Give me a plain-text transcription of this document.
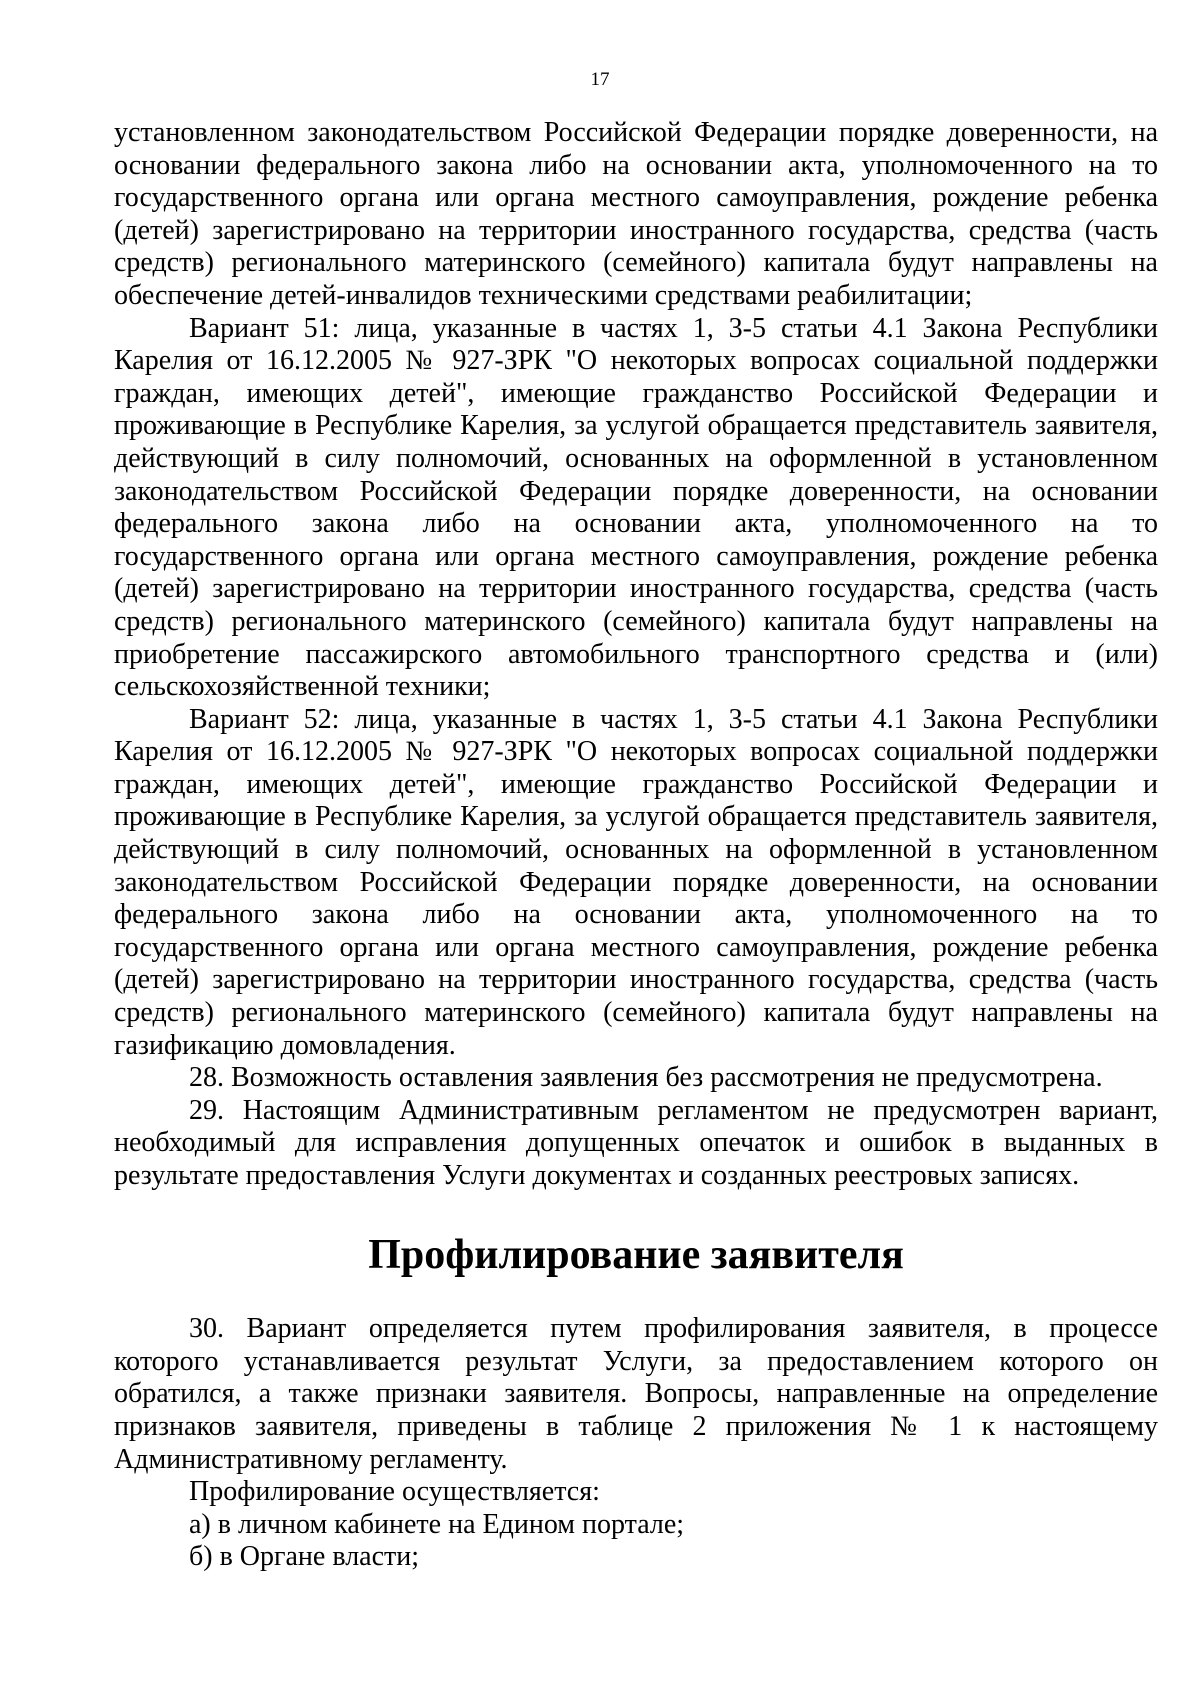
17

установленном законодательством Российской Федерации порядке доверенности, на основании федерального закона либо на основании акта, уполномоченного на то государственного органа или органа местного самоуправления, рождение ребенка (детей) зарегистрировано на территории иностранного государства, средства (часть средств) регионального материнского (семейного) капитала будут направлены на обеспечение детей-инвалидов техническими средствами реабилитации;

Вариант 51: лица, указанные в частях 1, 3-5 статьи 4.1 Закона Республики Карелия от 16.12.2005 № 927-ЗРК "О некоторых вопросах социальной поддержки граждан, имеющих детей", имеющие гражданство Российской Федерации и проживающие в Республике Карелия, за услугой обращается представитель заявителя, действующий в силу полномочий, основанных на оформленной в установленном законодательством Российской Федерации порядке доверенности, на основании федерального закона либо на основании акта, уполномоченного на то государственного органа или органа местного самоуправления, рождение ребенка (детей) зарегистрировано на территории иностранного государства, средства (часть средств) регионального материнского (семейного) капитала будут направлены на приобретение пассажирского автомобильного транспортного средства и (или) сельскохозяйственной техники;

Вариант 52: лица, указанные в частях 1, 3-5 статьи 4.1 Закона Республики Карелия от 16.12.2005 № 927-ЗРК "О некоторых вопросах социальной поддержки граждан, имеющих детей", имеющие гражданство Российской Федерации и проживающие в Республике Карелия, за услугой обращается представитель заявителя, действующий в силу полномочий, основанных на оформленной в установленном законодательством Российской Федерации порядке доверенности, на основании федерального закона либо на основании акта, уполномоченного на то государственного органа или органа местного самоуправления, рождение ребенка (детей) зарегистрировано на территории иностранного государства, средства (часть средств) регионального материнского (семейного) капитала будут направлены на газификацию домовладения.

28. Возможность оставления заявления без рассмотрения не предусмотрена.

29. Настоящим Административным регламентом не предусмотрен вариант, необходимый для исправления допущенных опечаток и ошибок в выданных в результате предоставления Услуги документах и созданных реестровых записях.

Профилирование заявителя

30. Вариант определяется путем профилирования заявителя, в процессе которого устанавливается результат Услуги, за предоставлением которого он обратился, а также признаки заявителя. Вопросы, направленные на определение признаков заявителя, приведены в таблице 2 приложения № 1 к настоящему Административному регламенту.

Профилирование осуществляется:

а) в личном кабинете на Едином портале;

б) в Органе власти;
